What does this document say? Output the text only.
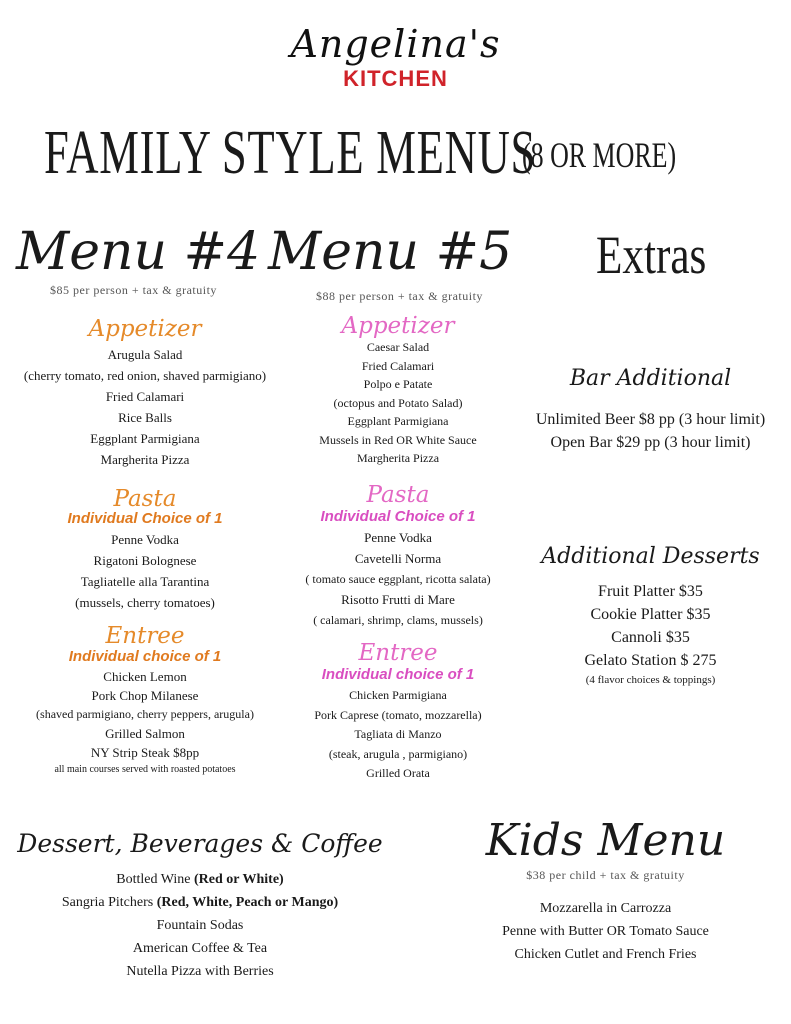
Angelina's
KITCHEN
FAMILY STYLE MENUS
(8 OR MORE)
Menu #4
$85 per person + tax & gratuity
Menu #5
$88 per person + tax & gratuity
Extras
Appetizer
Arugula Salad
(cherry tomato, red onion, shaved parmigiano)
Fried Calamari
Rice Balls
Eggplant Parmigiana
Margherita Pizza
Pasta
Individual Choice of 1
Penne Vodka
Rigatoni Bolognese
Tagliatelle alla Tarantina
(mussels, cherry tomatoes)
Entree
Individual choice of 1
Chicken Lemon
Pork Chop Milanese
(shaved parmigiano, cherry peppers, arugula)
Grilled Salmon
NY Strip Steak $8pp
all main courses served with roasted potatoes
Appetizer
Caesar Salad
Fried Calamari
Polpo e Patate
(octopus and Potato Salad)
Eggplant Parmigiana
Mussels in Red OR White Sauce
Margherita Pizza
Pasta
Individual Choice of 1
Penne Vodka
Cavetelli Norma
( tomato sauce eggplant, ricotta salata)
Risotto Frutti di Mare
( calamari, shrimp, clams, mussels)
Entree
Individual choice of 1
Chicken Parmigiana
Pork Caprese (tomato, mozzarella)
Tagliata di Manzo
(steak, arugula , parmigiano)
Grilled Orata
Bar Additional
Unlimited Beer $8 pp (3 hour limit)
Open Bar $29 pp (3 hour limit)
Additional Desserts
Fruit Platter $35
Cookie Platter $35
Cannoli $35
Gelato Station $ 275
(4 flavor choices & toppings)
Dessert, Beverages & Coffee
Bottled Wine (Red or White)
Sangria Pitchers (Red, White, Peach or Mango)
Fountain Sodas
American Coffee & Tea
Nutella Pizza with Berries
Kids Menu
$38 per child + tax & gratuity
Mozzarella in Carrozza
Penne with Butter OR Tomato Sauce
Chicken Cutlet and French Fries
